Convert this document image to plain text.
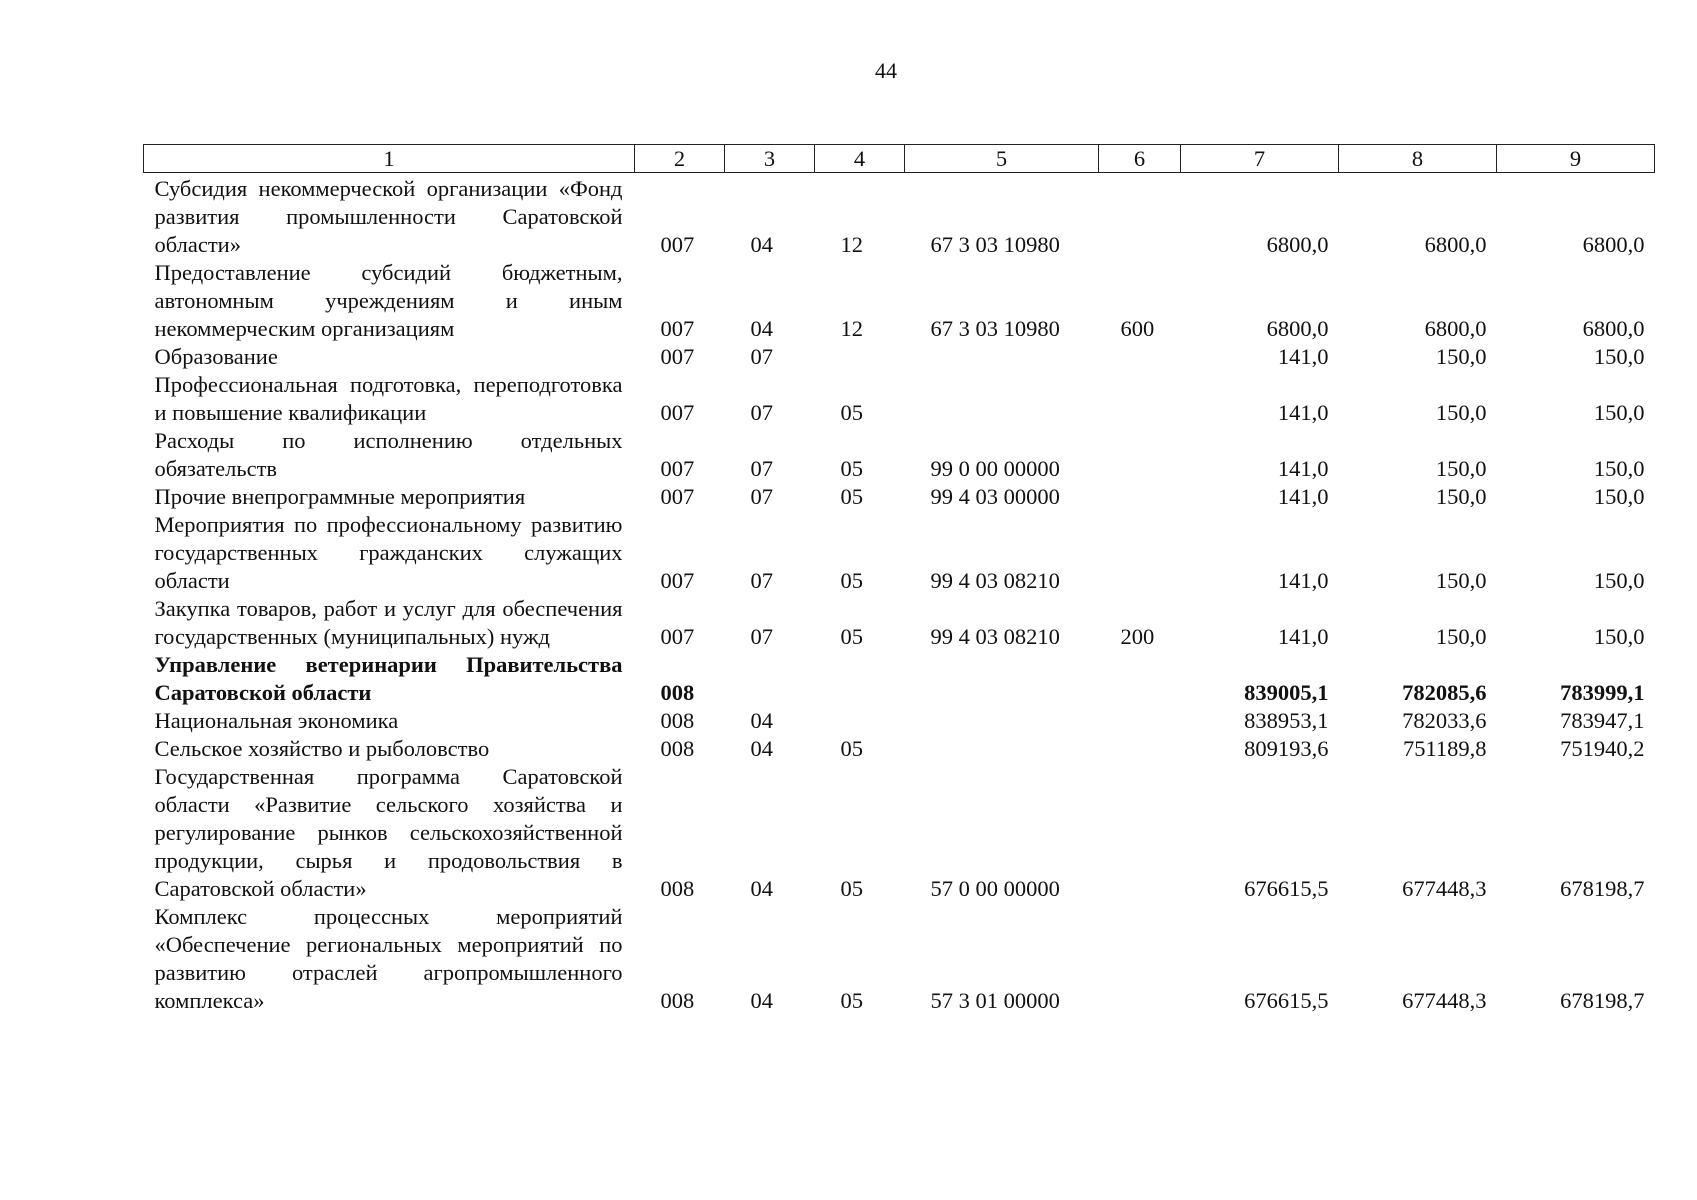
44
1	2	3	4	5	6	7	8	9
Субсидия некоммерческой организации «Фонд развития промышленности Саратовской области»	007	04	12	67 3 03 10980		6800,0	6800,0	6800,0
Предоставление субсидий бюджетным, автономным учреждениям и иным некоммерческим организациям	007	04	12	67 3 03 10980	600	6800,0	6800,0	6800,0
Образование	007	07				141,0	150,0	150,0
Профессиональная подготовка, переподготовка и повышение квалификации	007	07	05			141,0	150,0	150,0
Расходы по исполнению отдельных обязательств	007	07	05	99 0 00 00000		141,0	150,0	150,0
Прочие внепрограммные мероприятия	007	07	05	99 4 03 00000		141,0	150,0	150,0
Мероприятия по профессиональному развитию государственных гражданских служащих области	007	07	05	99 4 03 08210		141,0	150,0	150,0
Закупка товаров, работ и услуг для обеспечения государственных (муниципальных) нужд	007	07	05	99 4 03 08210	200	141,0	150,0	150,0
Управление ветеринарии Правительства Саратовской области	008					839005,1	782085,6	783999,1
Национальная экономика	008	04				838953,1	782033,6	783947,1
Сельское хозяйство и рыболовство	008	04	05			809193,6	751189,8	751940,2
Государственная программа Саратовской области «Развитие сельского хозяйства и регулирование рынков сельскохозяйственной продукции, сырья и продовольствия в Саратовской области»	008	04	05	57 0 00 00000		676615,5	677448,3	678198,7
Комплекс процессных мероприятий «Обеспечение региональных мероприятий по развитию отраслей агропромышленного комплекса»	008	04	05	57 3 01 00000		676615,5	677448,3	678198,7
